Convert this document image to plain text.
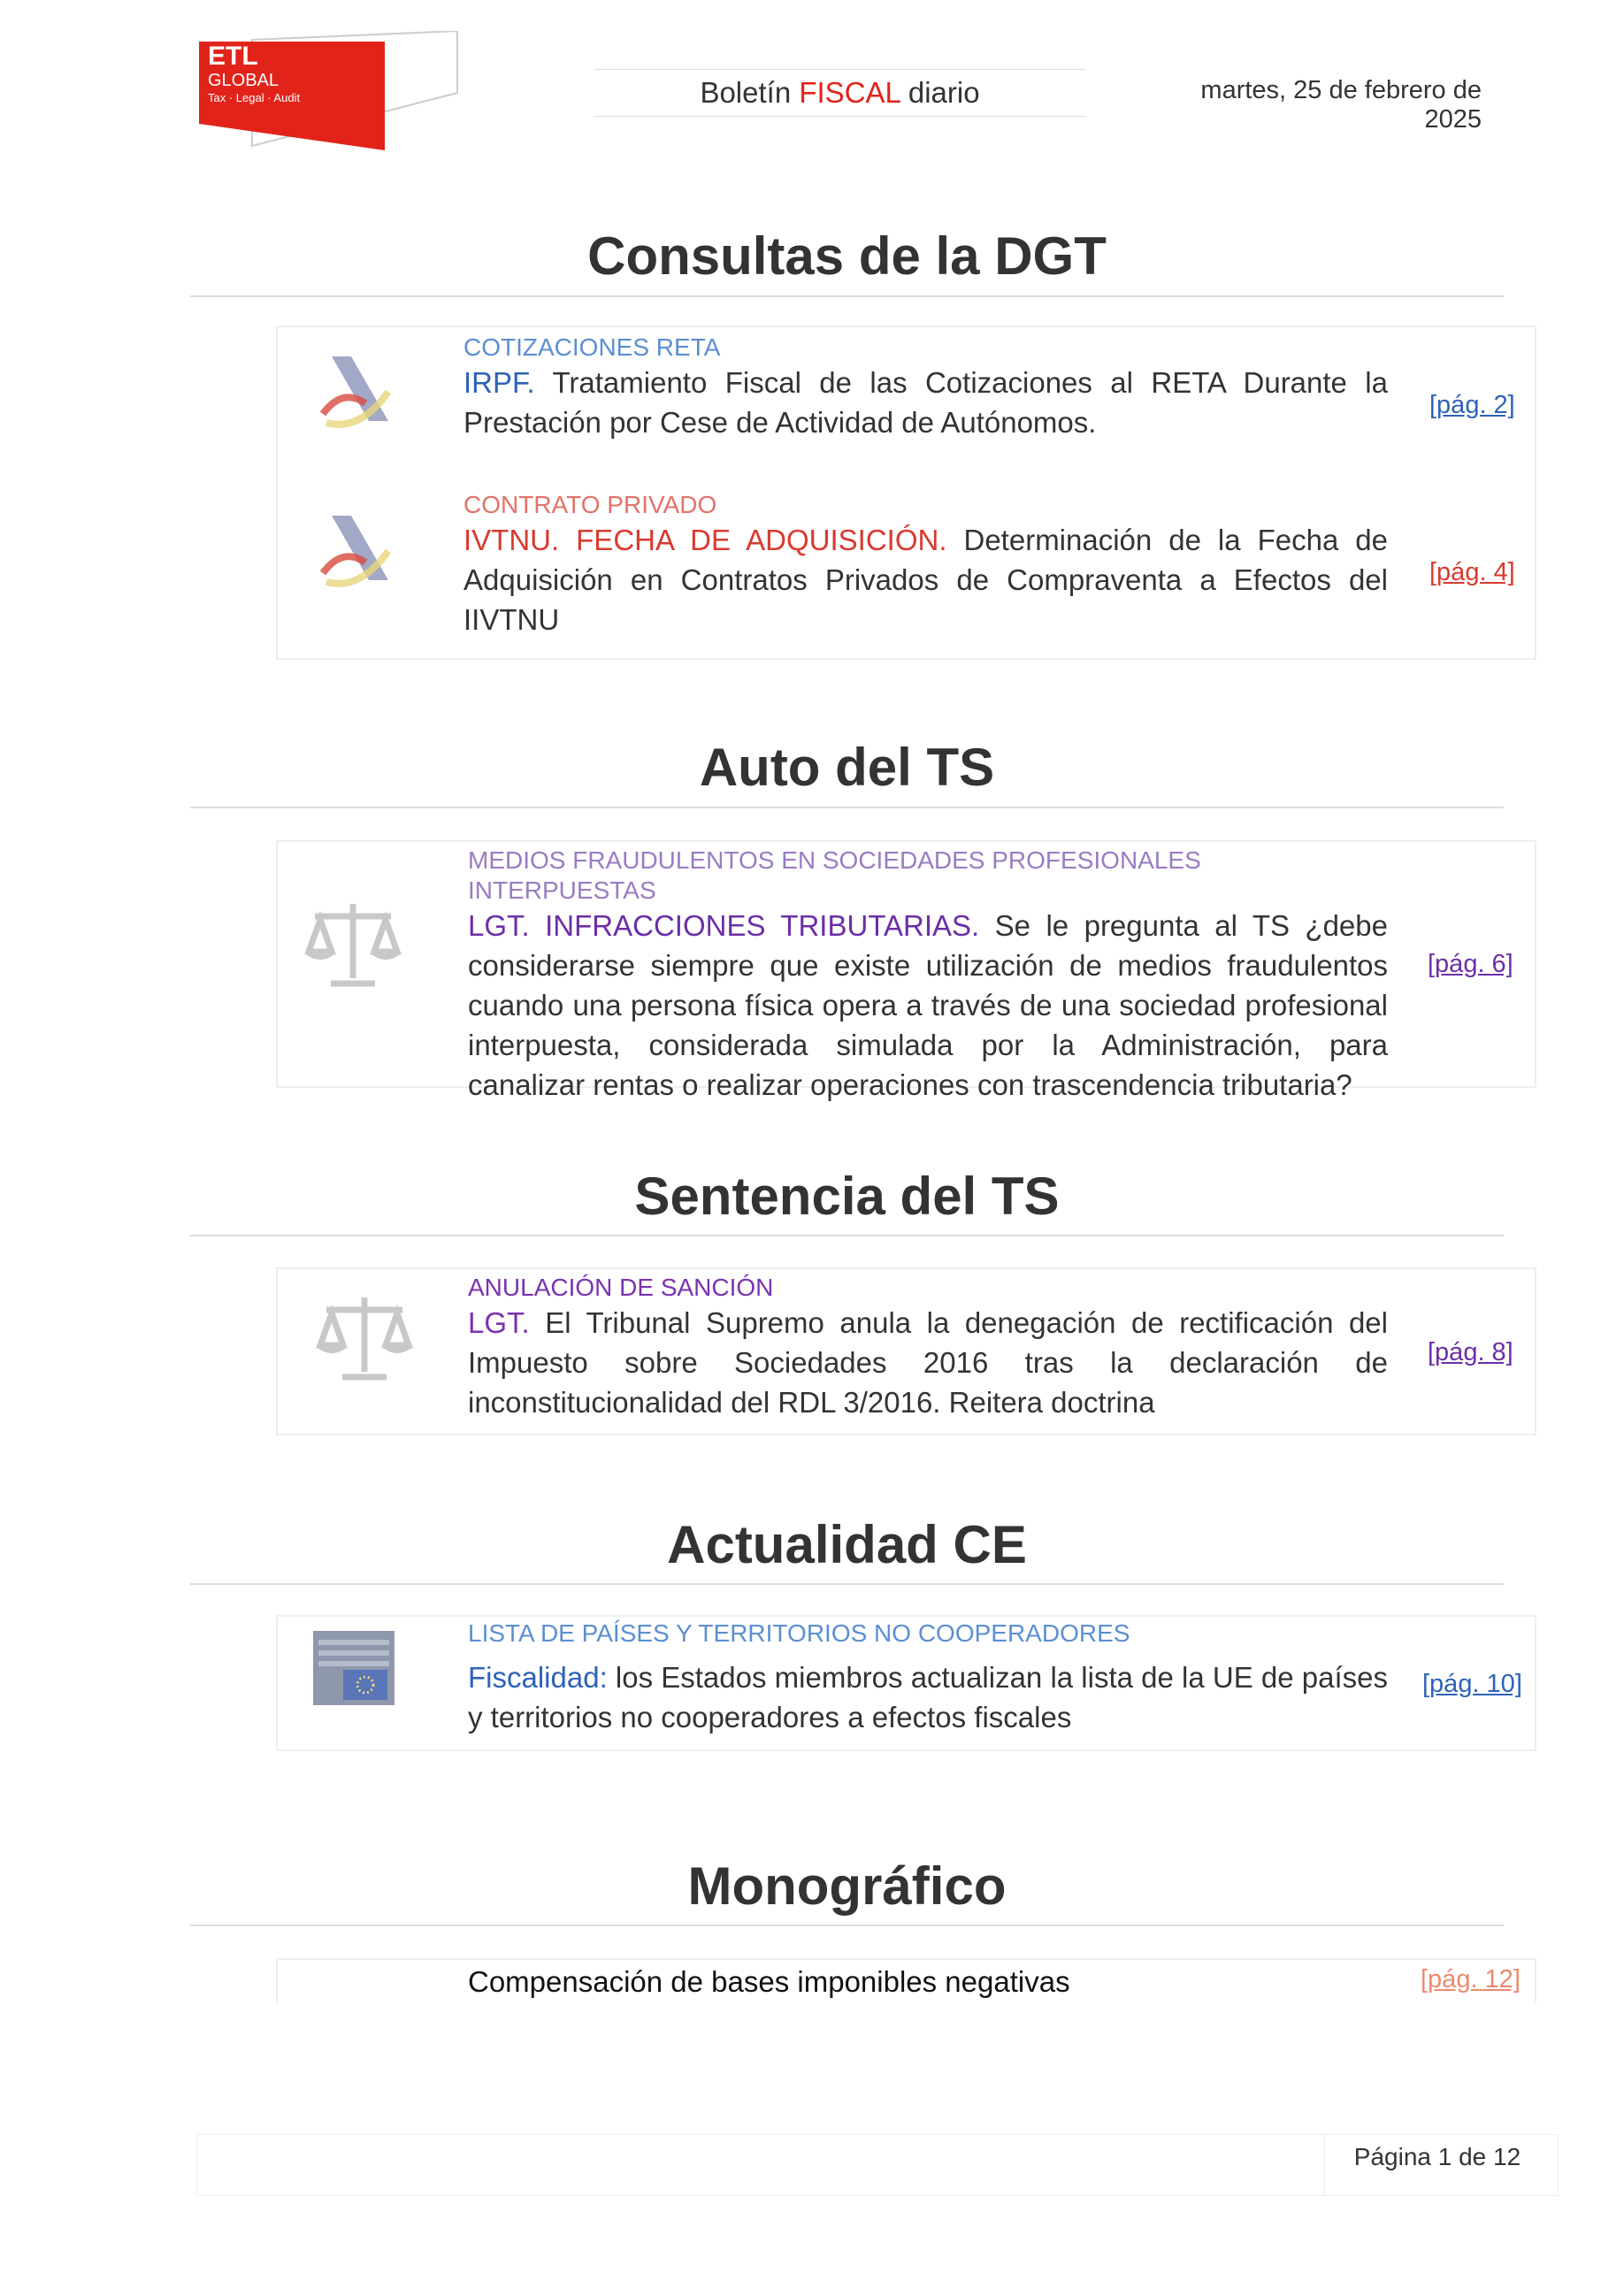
ETL
GLOBAL
Tax · Legal · Audit	Boletín FISCAL diario	martes, 25 de febrero de 2025
Consultas de la DGT
COTIZACIONES RETA
IRPF. Tratamiento Fiscal de las Cotizaciones al RETA Durante la Prestación por Cese de Actividad de Autónomos.
[pág. 2]
CONTRATO PRIVADO
IVTNU. FECHA DE ADQUISICIÓN. Determinación de la Fecha de Adquisición en Contratos Privados de Compraventa a Efectos del IIVTNU
[pág. 4]
Auto del TS
MEDIOS FRAUDULENTOS EN SOCIEDADES PROFESIONALES INTERPUESTAS
LGT. INFRACCIONES TRIBUTARIAS. Se le pregunta al TS ¿debe considerarse siempre que existe utilización de medios fraudulentos cuando una persona física opera a través de una sociedad profesional interpuesta, considerada simulada por la Administración, para canalizar rentas o realizar operaciones con trascendencia tributaria?
[pág. 6]
Sentencia del TS
ANULACIÓN DE SANCIÓN
LGT. El Tribunal Supremo anula la denegación de rectificación del Impuesto sobre Sociedades 2016 tras la declaración de inconstitucionalidad del RDL 3/2016. Reitera doctrina
[pág. 8]
Actualidad CE
LISTA DE PAÍSES Y TERRITORIOS NO COOPERADORES
Fiscalidad: los Estados miembros actualizan la lista de la UE de países y territorios no cooperadores a efectos fiscales
[pág. 10]
Monográfico
Compensación de bases imponibles negativas	[pág. 12]
Página 1 de 12
